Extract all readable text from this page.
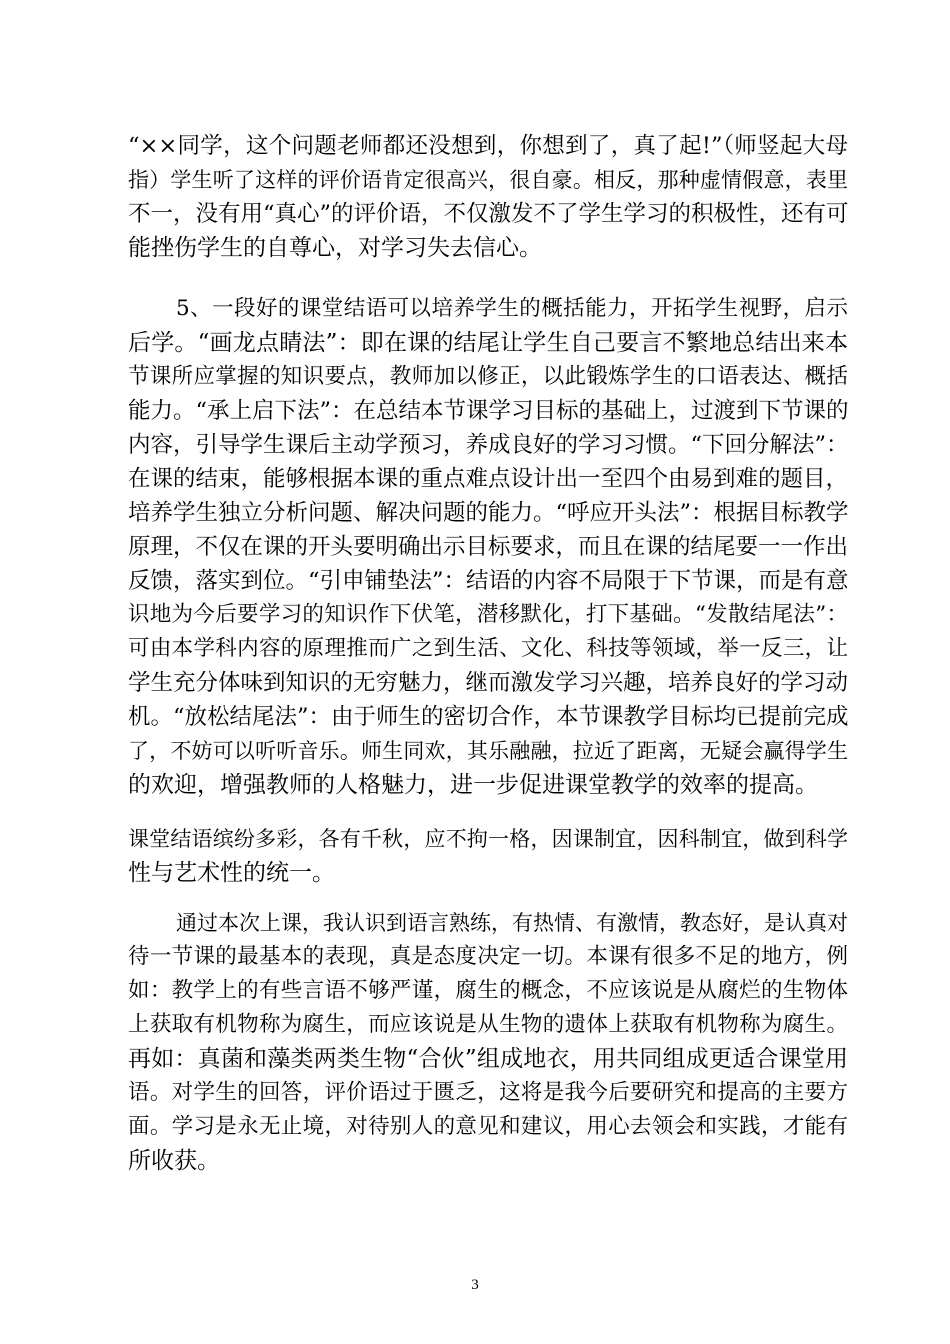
“××同学，这个问题老师都还没想到，你想到了，真了起!”（师竖起大母
指）学生听了这样的评价语肯定很高兴，很自豪。相反，那种虚情假意，表里
不一，没有用“真心”的评价语，不仅激发不了学生学习的积极性，还有可
能挫伤学生的自尊心，对学习失去信心。
5、一段好的课堂结语可以培养学生的概括能力，开拓学生视野，启示
后学。“画龙点睛法”：即在课的结尾让学生自己要言不繁地总结出来本
节课所应掌握的知识要点，教师加以修正，以此锻炼学生的口语表达、概括
能力。“承上启下法”：在总结本节课学习目标的基础上，过渡到下节课的
内容，引导学生课后主动学预习，养成良好的学习习惯。“下回分解法”：
在课的结束，能够根据本课的重点难点设计出一至四个由易到难的题目，
培养学生独立分析问题、解决问题的能力。“呼应开头法”：根据目标教学
原理，不仅在课的开头要明确出示目标要求，而且在课的结尾要一一作出
反馈，落实到位。“引申铺垫法”：结语的内容不局限于下节课，而是有意
识地为今后要学习的知识作下伏笔，潜移默化，打下基础。“发散结尾法”：
可由本学科内容的原理推而广之到生活、文化、科技等领域，举一反三，让
学生充分体味到知识的无穷魅力，继而激发学习兴趣，培养良好的学习动
机。“放松结尾法”：由于师生的密切合作，本节课教学目标均已提前完成
了，不妨可以听听音乐。师生同欢，其乐融融，拉近了距离，无疑会赢得学生
的欢迎，增强教师的人格魅力，进一步促进课堂教学的效率的提高。
课堂结语缤纷多彩，各有千秋，应不拘一格，因课制宜，因科制宜，做到科学
性与艺术性的统一。
通过本次上课，我认识到语言熟练，有热情、有激情，教态好，是认真对
待一节课的最基本的表现，真是态度决定一切。本课有很多不足的地方，例
如：教学上的有些言语不够严谨，腐生的概念，不应该说是从腐烂的生物体
上获取有机物称为腐生，而应该说是从生物的遗体上获取有机物称为腐生。
再如：真菌和藻类两类生物“合伙”组成地衣，用共同组成更适合课堂用
语。对学生的回答，评价语过于匮乏，这将是我今后要研究和提高的主要方
面。学习是永无止境，对待别人的意见和建议，用心去领会和实践，才能有
所收获。
3
